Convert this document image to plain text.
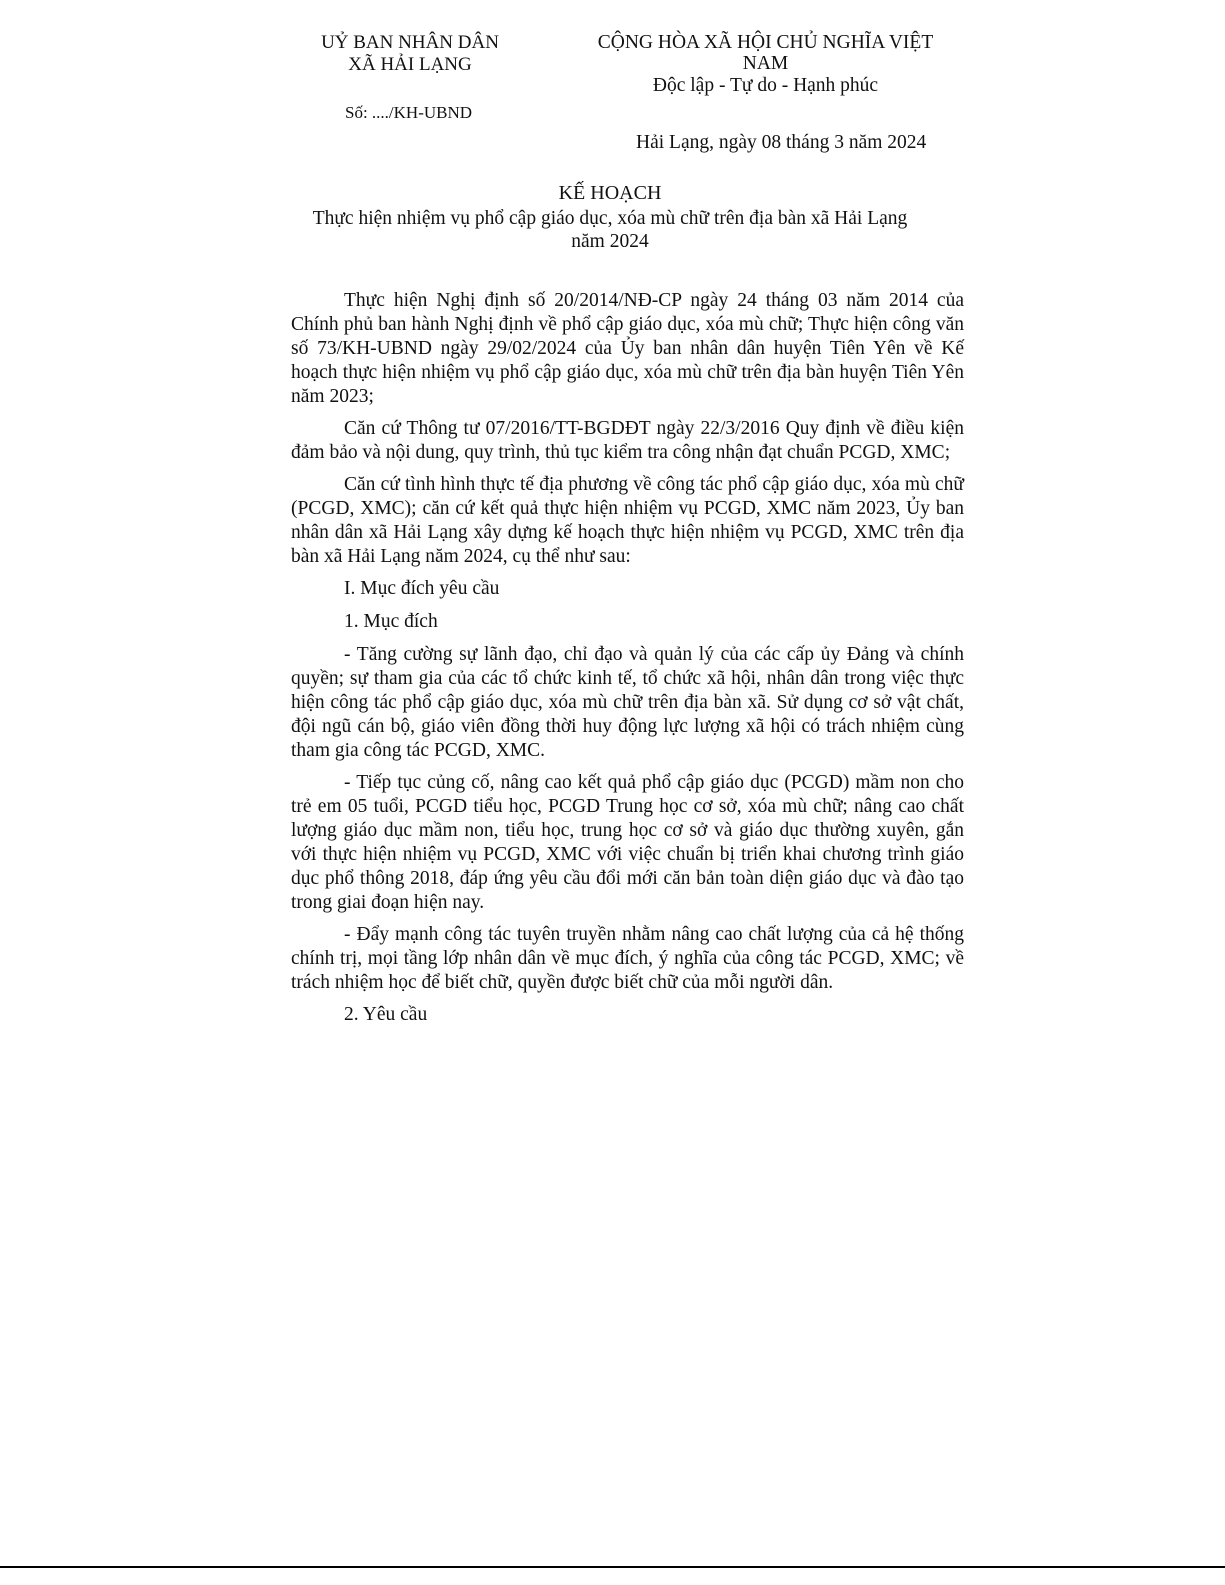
UỶ BAN NHÂN DÂN
XÃ HẢI LẠNG
CỘNG HÒA XÃ HỘI CHỦ NGHĨA VIỆT
NAM
Độc lập - Tự do - Hạnh phúc
Số: ..../KH-UBND
Hải Lạng, ngày 08 tháng 3 năm 2024
KẾ HOẠCH
Thực hiện nhiệm vụ phổ cập giáo dục, xóa mù chữ trên địa bàn xã Hải Lạng năm 2024

Thực hiện Nghị định số 20/2014/NĐ-CP ngày 24 tháng 03 năm 2014 của Chính phủ ban hành Nghị định về phổ cập giáo dục, xóa mù chữ; Thực hiện công văn số 73/KH-UBND ngày 29/02/2024 của Ủy ban nhân dân huyện Tiên Yên về Kế hoạch thực hiện nhiệm vụ phổ cập giáo dục, xóa mù chữ trên địa bàn huyện Tiên Yên năm 2023;

Căn cứ Thông tư 07/2016/TT-BGDĐT ngày 22/3/2016 Quy định về điều kiện đảm bảo và nội dung, quy trình, thủ tục kiểm tra công nhận đạt chuẩn PCGD, XMC;

Căn cứ tình hình thực tế địa phương về công tác phổ cập giáo dục, xóa mù chữ (PCGD, XMC); căn cứ kết quả thực hiện nhiệm vụ PCGD, XMC năm 2023, Ủy ban nhân dân xã Hải Lạng xây dựng kế hoạch thực hiện nhiệm vụ PCGD, XMC trên địa bàn xã Hải Lạng năm 2024, cụ thể như sau:

I. Mục đích yêu cầu

1. Mục đích

- Tăng cường sự lãnh đạo, chỉ đạo và quản lý của các cấp ủy Đảng và chính quyền; sự tham gia của các tổ chức kinh tế, tổ chức xã hội, nhân dân trong việc thực hiện công tác phổ cập giáo dục, xóa mù chữ trên địa bàn xã. Sử dụng cơ sở vật chất, đội ngũ cán bộ, giáo viên đồng thời huy động lực lượng xã hội có trách nhiệm cùng tham gia công tác PCGD, XMC.

- Tiếp tục củng cố, nâng cao kết quả phổ cập giáo dục (PCGD) mầm non cho trẻ em 05 tuổi, PCGD tiểu học, PCGD Trung học cơ sở, xóa mù chữ; nâng cao chất lượng giáo dục mầm non, tiểu học, trung học cơ sở và giáo dục thường xuyên, gắn với thực hiện nhiệm vụ PCGD, XMC với việc chuẩn bị triển khai chương trình giáo dục phổ thông 2018, đáp ứng yêu cầu đổi mới căn bản toàn diện giáo dục và đào tạo trong giai đoạn hiện nay.

- Đẩy mạnh công tác tuyên truyền nhằm nâng cao chất lượng của cả hệ thống chính trị, mọi tầng lớp nhân dân về mục đích, ý nghĩa của công tác PCGD, XMC; về trách nhiệm học để biết chữ, quyền được biết chữ của mỗi người dân.

2. Yêu cầu
